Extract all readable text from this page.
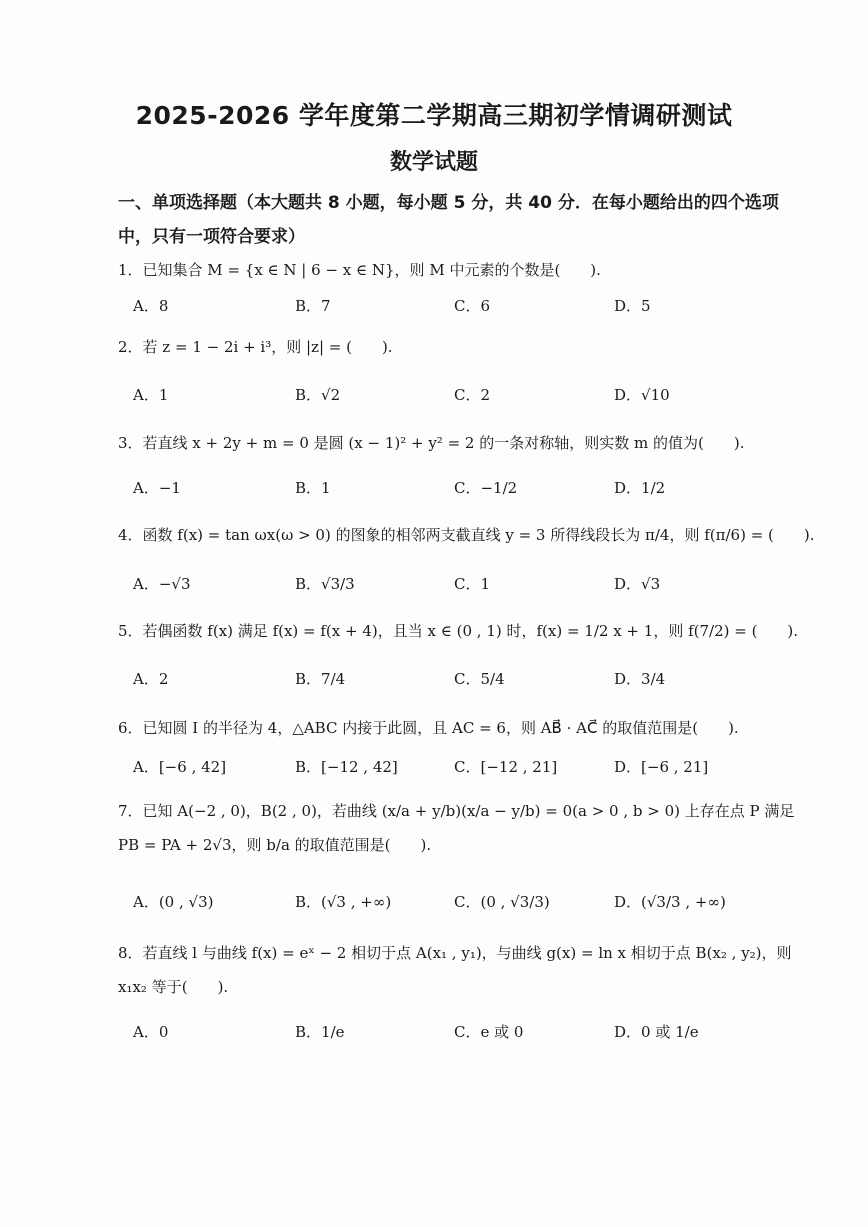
2025-2026 学年度第二学期高三期初学情调研测试
数学试题
一、单项选择题（本大题共 8 小题，每小题 5 分，共 40 分．在每小题给出的四个选项中，只有一项符合要求）
1．已知集合 M = {x ∈ N | 6 − x ∈ N}，则 M 中元素的个数是(　　).
A．8	B．7	C．6	D．5
2．若 z = 1 − 2i + i³，则 |z| = (　　).
A．1	B．√2	C．2	D．√10
3．若直线 x + 2y + m = 0 是圆 (x − 1)² + y² = 2 的一条对称轴，则实数 m 的值为(　　).
A．−1	B．1	C．−1/2	D．1/2
4．函数 f(x) = tan ωx(ω > 0) 的图象的相邻两支截直线 y = 3 所得线段长为 π/4，则 f(π/6) = (　　).
A．−√3	B．√3/3	C．1	D．√3
5．若偶函数 f(x) 满足 f(x) = f(x + 4)，且当 x ∈ (0 , 1) 时，f(x) = 1/2 x + 1，则 f(7/2) = (　　).
A．2	B．7/4	C．5/4	D．3/4
6．已知圆 I 的半径为 4，△ABC 内接于此圆，且 AC = 6，则 AB⃗ · AC⃗ 的取值范围是(　　).
A．[−6 , 42]	B．[−12 , 42]	C．[−12 , 21]	D．[−6 , 21]
7．已知 A(−2 , 0)，B(2 , 0)，若曲线 (x/a + y/b)(x/a − y/b) = 0(a > 0 , b > 0) 上存在点 P 满足 PB = PA + 2√3，则 b/a 的取值范围是(　　).
A．(0 , √3)	B．(√3 , +∞)	C．(0 , √3/3)	D．(√3/3 , +∞)
8．若直线 l 与曲线 f(x) = eˣ − 2 相切于点 A(x₁ , y₁)，与曲线 g(x) = ln x 相切于点 B(x₂ , y₂)，则 x₁x₂ 等于(　　).
A．0	B．1/e	C．e 或 0	D．0 或 1/e
